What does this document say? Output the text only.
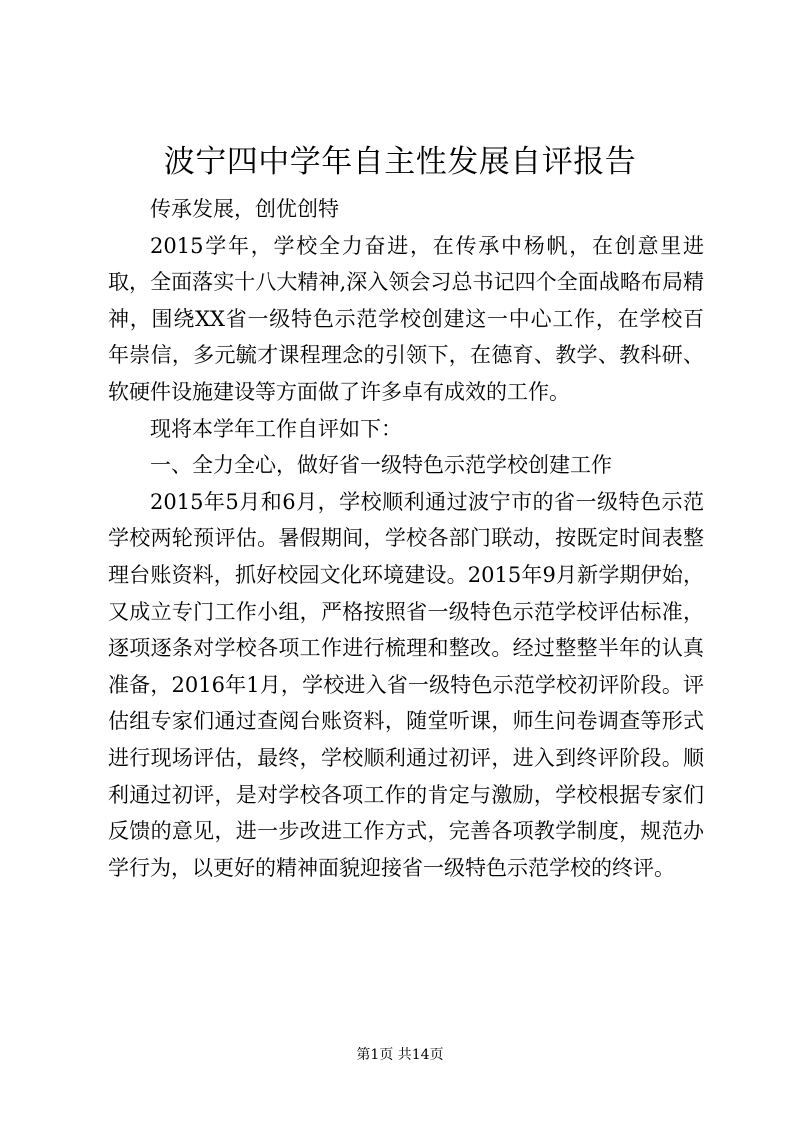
波宁四中学年自主性发展自评报告

传承发展，创优创特

2015学年，学校全力奋进，在传承中杨帆，在创意里进取，全面落实十八大精神,深入领会习总书记四个全面战略布局精神，围绕XX省一级特色示范学校创建这一中心工作，在学校百年崇信，多元毓才课程理念的引领下，在德育、教学、教科研、软硬件设施建设等方面做了许多卓有成效的工作。

现将本学年工作自评如下：

一、全力全心，做好省一级特色示范学校创建工作

2015年5月和6月，学校顺利通过波宁市的省一级特色示范学校两轮预评估。暑假期间，学校各部门联动，按既定时间表整理台账资料，抓好校园文化环境建设。2015年9月新学期伊始，又成立专门工作小组，严格按照省一级特色示范学校评估标准，逐项逐条对学校各项工作进行梳理和整改。经过整整半年的认真准备，2016年1月，学校进入省一级特色示范学校初评阶段。评估组专家们通过查阅台账资料，随堂听课，师生问卷调查等形式进行现场评估，最终，学校顺利通过初评，进入到终评阶段。顺利通过初评，是对学校各项工作的肯定与激励，学校根据专家们反馈的意见，进一步改进工作方式，完善各项教学制度，规范办学行为，以更好的精神面貌迎接省一级特色示范学校的终评。

第1页 共14页
